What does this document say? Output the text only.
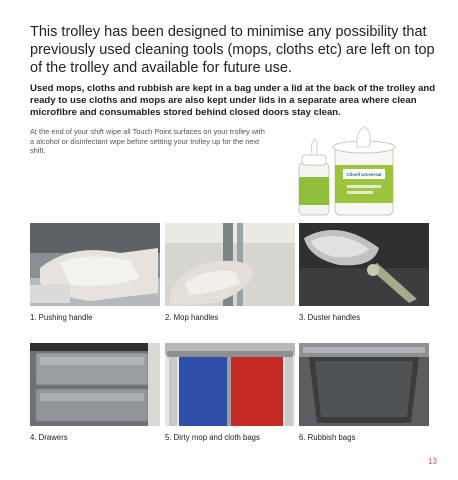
This trolley has been designed to minimise any possibility that previously used cleaning tools (mops, cloths etc) are left on top of the trolley and available for future use.
Used mops, cloths and rubbish are kept in a bag under a lid at the back of the trolley and ready to use cloths and mops are also kept under lids in a separate area where clean microfibre and consumables stored behind closed doors stay clean.
At the end of your shift wipe all Touch Point surfaces on your trolley with a alcohol or disinfectant wipe before setting your trolley up for the next shift.
Clinell Universal
1. Pushing handle	2. Mop handles	3. Duster handles
4. Drawers	5. Dirty mop and cloth bags	6. Rubbish bags
13
